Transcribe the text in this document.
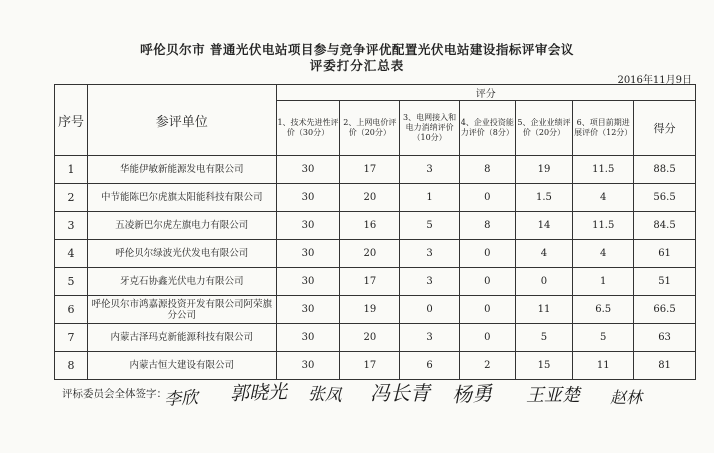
呼伦贝尔市 普通光伏电站项目参与竞争评优配置光伏电站建设指标评审会议
评委打分汇总表
2016年11月9日
序号	参评单位	评分						
		1、技术先进性评价（30分）	2、上网电价评价（20分）	3、电网接入和电力消纳评价（10分）	4、企业投资能力评价（8分）	5、企业业绩评价（20分）	6、项目前期进展评价（12分）	得分
1	华能伊敏新能源发电有限公司	30	17	3	8	19	11.5	88.5
2	中节能陈巴尔虎旗太阳能科技有限公司	30	20	1	0	1.5	4	56.5
3	五凌新巴尔虎左旗电力有限公司	30	16	5	8	14	11.5	84.5
4	呼伦贝尔绿波光伏发电有限公司	30	20	3	0	4	4	61
5	牙克石协鑫光伏电力有限公司	30	17	3	0	0	1	51
6	呼伦贝尔市鸿嘉源投资开发有限公司阿荣旗分公司	30	19	0	0	11	6.5	66.5
7	内蒙古泽玛克新能源科技有限公司	30	20	3	0	5	5	63
8	内蒙古恒大建设有限公司	30	17	6	2	15	11	81
评标委员会全体签字：
李欣 郭晓光 张凤 冯长青 杨勇 王亚楚 赵林
